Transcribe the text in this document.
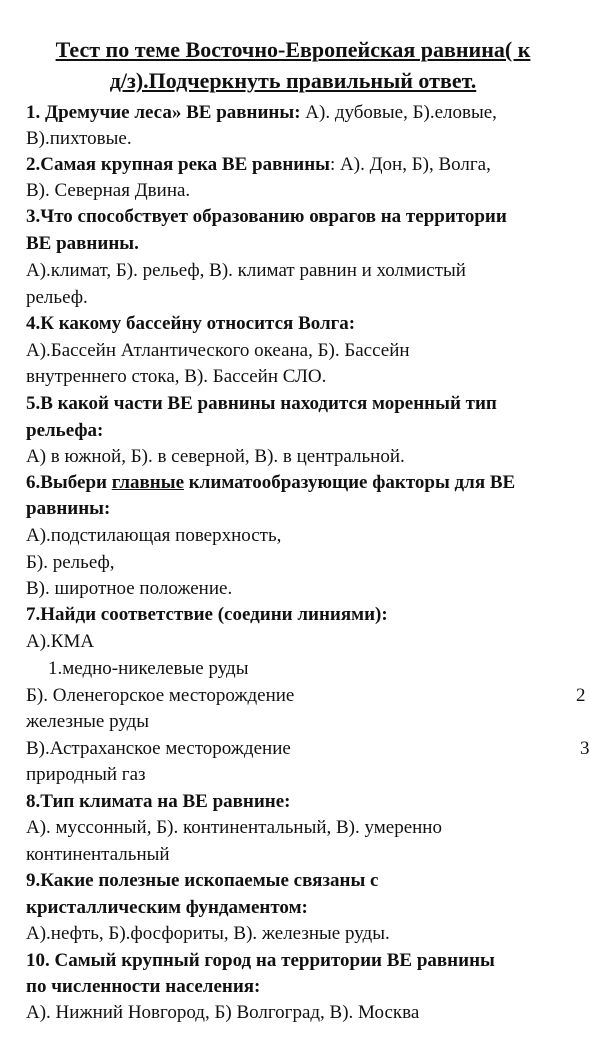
Тест по теме Восточно-Европейская равнина( к
д/з).Подчеркнуть правильный ответ.
1. Дремучие леса» ВЕ равнины: А). дубовые, Б).еловые,
В).пихтовые.
2.Самая крупная река ВЕ равнины: А). Дон, Б), Волга,
В). Северная Двина.
3.Что способствует образованию оврагов на территории
ВЕ равнины.
А).климат, Б). рельеф, В). климат равнин и холмистый
рельеф.
4.К какому бассейну относится Волга:
А).Бассейн Атлантического океана, Б). Бассейн
внутреннего стока, В). Бассейн СЛО.
5.В какой части ВЕ равнины находится моренный тип
рельефа:
А) в южной, Б). в северной, В). в центральной.
6.Выбери главные климатообразующие факторы для ВЕ
равнины:
А).подстилающая поверхность,
Б). рельеф,
В). широтное положение.
7.Найди соответствие (соедини линиями):
А).КМА
1.медно-никелевые руды
Б). Оленегорское месторождение	2
железные руды
В).Астраханское месторождение	3
природный газ
8.Тип климата на ВЕ равнине:
А). муссонный, Б). континентальный, В). умеренно
континентальный
9.Какие полезные ископаемые связаны с
кристаллическим фундаментом:
А).нефть, Б).фосфориты, В). железные руды.
10. Самый крупный город на территории ВЕ равнины
по численности населения:
А). Нижний Новгород, Б) Волгоград, В). Москва
